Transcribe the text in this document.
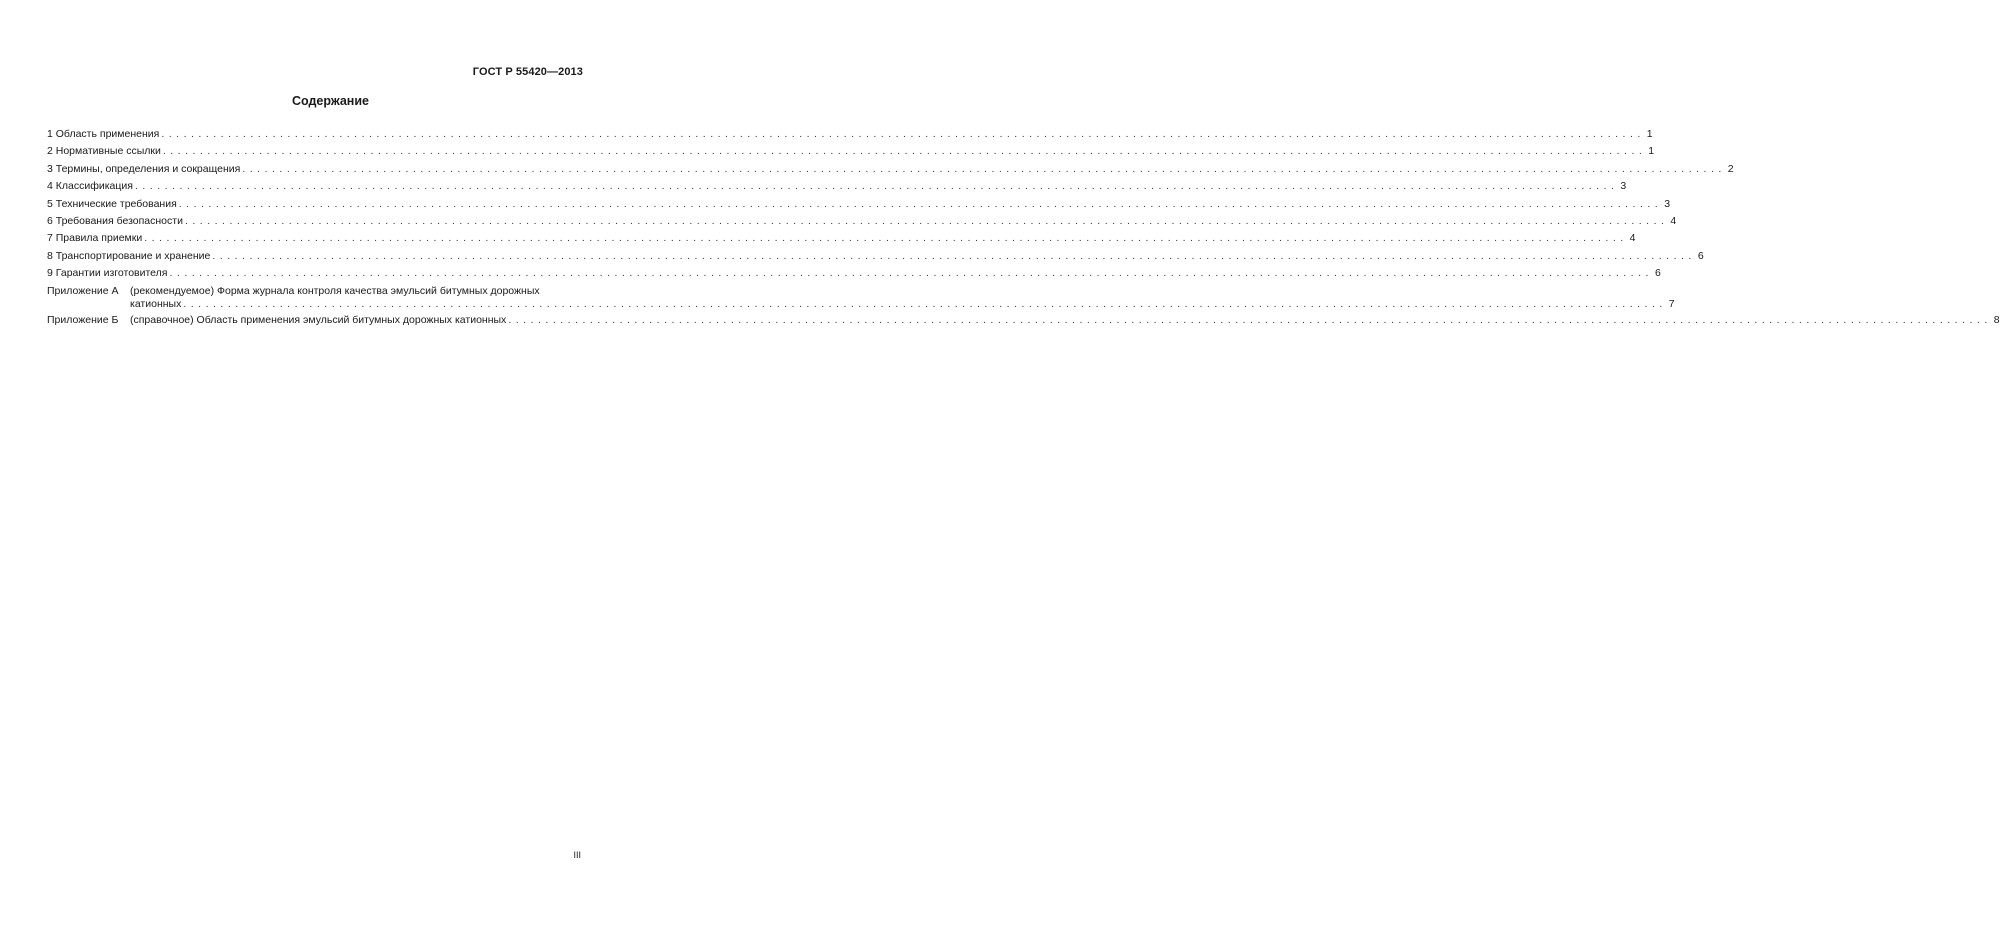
ГОСТ Р 55420—2013
Содержание
1 Область применения ........................................................................................................................................................................................................ 1
2 Нормативные ссылки ........................................................................................................................................................................................................ 1
3 Термины, определения и сокращения ........................................................................................................................................................................................................ 2
4 Классификация ........................................................................................................................................................................................................ 3
5 Технические требования ........................................................................................................................................................................................................ 3
6 Требования безопасности ........................................................................................................................................................................................................ 4
7 Правила приемки ........................................................................................................................................................................................................ 4
8 Транспортирование и хранение ........................................................................................................................................................................................................ 6
9 Гарантии изготовителя ........................................................................................................................................................................................................ 6
Приложение А	(рекомендуемое) Форма журнала контроля качества эмульсий битумных дорожных
катионных ........................................................................................................................................................................................................ 7
Приложение Б	(справочное) Область применения эмульсий битумных дорожных катионных ........................................................................................................................................................................................................ 8
III
